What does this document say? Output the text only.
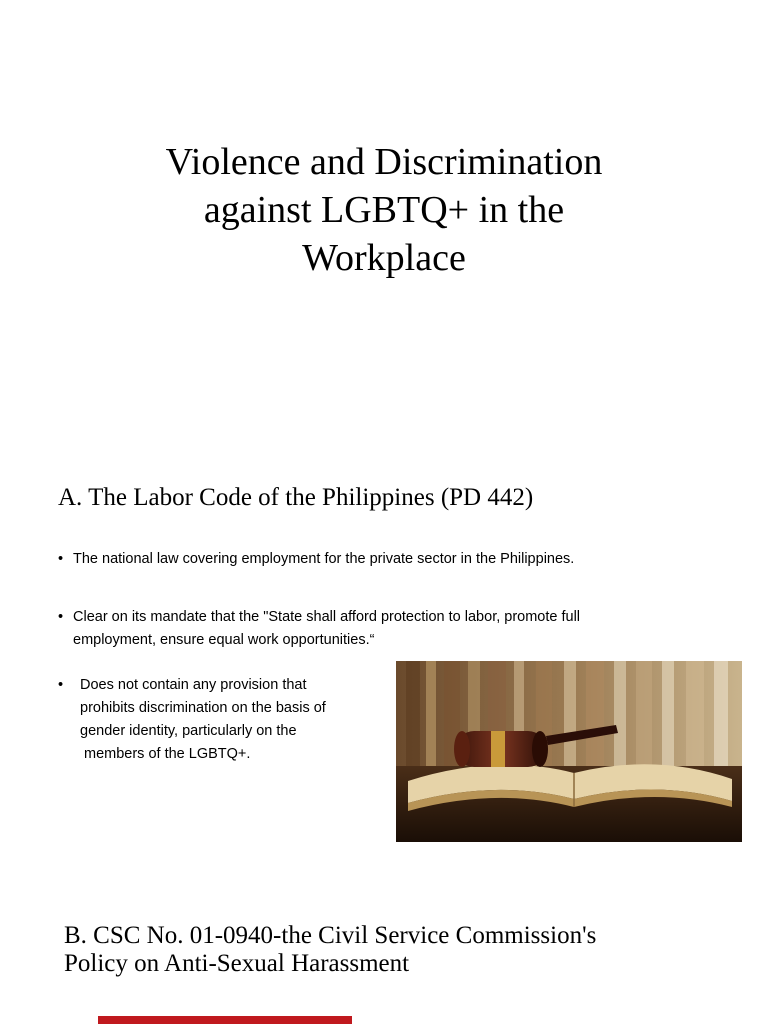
Violence and Discrimination
against LGBTQ+ in the
Workplace
A. The Labor Code of the Philippines (PD 442)
• The national law covering employment for the private sector in the Philippines.
• Clear on its mandate that the "State shall afford protection to labor, promote full
employment, ensure equal work opportunities.“
•	Does not contain any provision that
prohibits discrimination on the basis of
gender identity, particularly on the
members of the LGBTQ+.
B. CSC No. 01-0940-the Civil Service Commission's
Policy on Anti-Sexual Harassment
